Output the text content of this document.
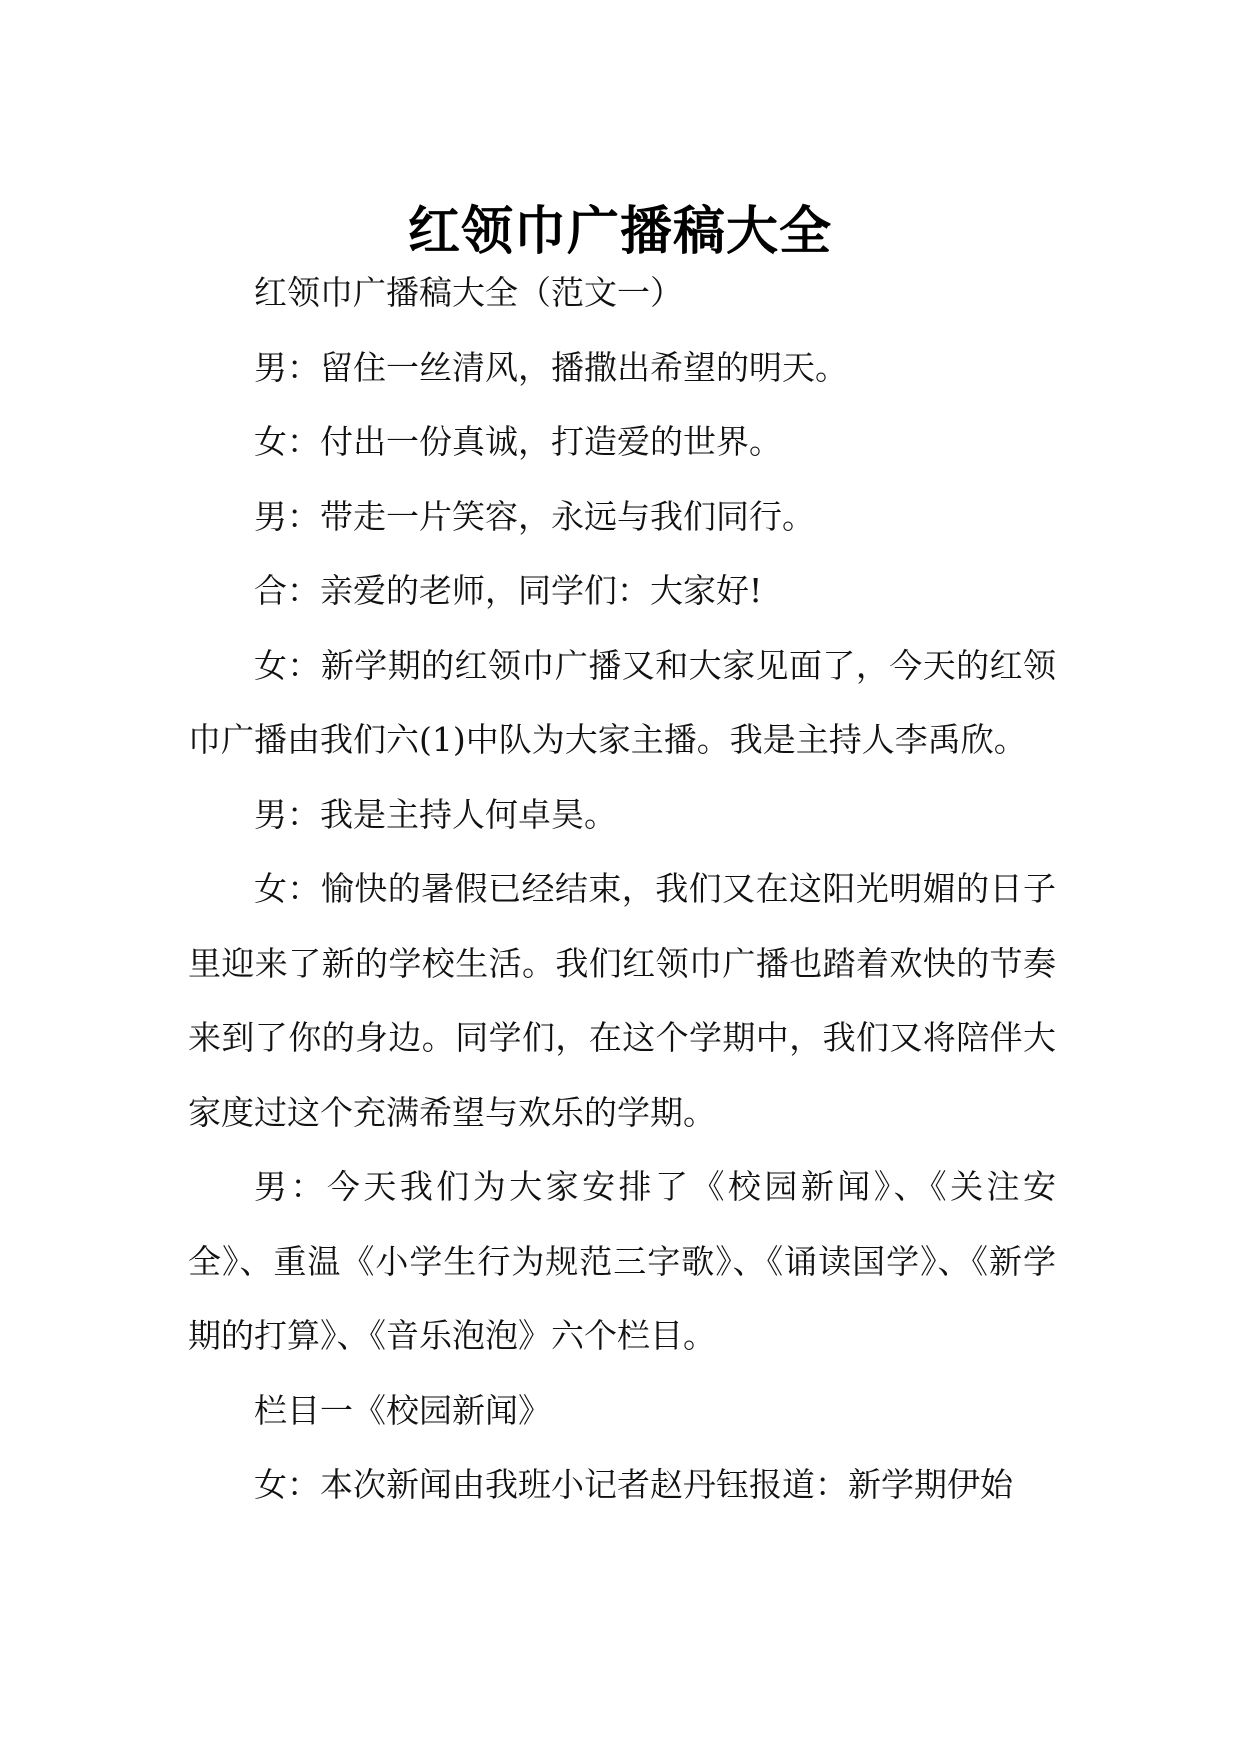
红领巾广播稿大全

红领巾广播稿大全（范文一）

男：留住一丝清风，播撒出希望的明天。

女：付出一份真诚，打造爱的世界。

男：带走一片笑容，永远与我们同行。

合：亲爱的老师，同学们：大家好!

女：新学期的红领巾广播又和大家见面了，今天的红领巾广播由我们六(1)中队为大家主播。我是主持人李禹欣。

男：我是主持人何卓昊。

女：愉快的暑假已经结束，我们又在这阳光明媚的日子里迎来了新的学校生活。我们红领巾广播也踏着欢快的节奏来到了你的身边。同学们，在这个学期中，我们又将陪伴大家度过这个充满希望与欢乐的学期。

男：今天我们为大家安排了《校园新闻》、《关注安全》、重温《小学生行为规范三字歌》、《诵读国学》、《新学期的打算》、《音乐泡泡》六个栏目。

栏目一《校园新闻》

女：本次新闻由我班小记者赵丹钰报道：新学期伊始
